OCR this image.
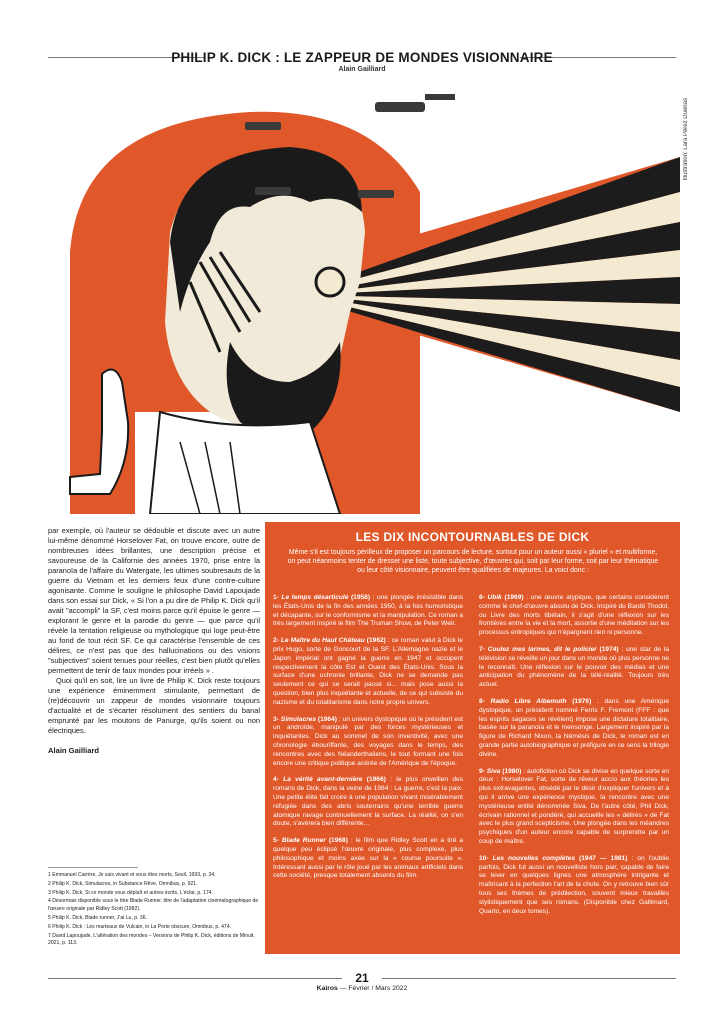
PHILIP K. DICK : LE ZAPPEUR DE MONDES VISIONNAIRE
Alain Gailliard
Illustration: Lara Pérez Dueñas

par exemple, où l'auteur se dédouble et discute avec un autre lui-même dénommé Horselover Fat, on trouve encore, outre de nombreuses idées brillantes, une description précise et savoureuse de la Californie des années 1970, prise entre la paranoïa de l'affaire du Watergate, les ultimes soubresauts de la guerre du Vietnam et les derniers feux d'une contre-culture agonisante. Comme le souligne le philosophe David Lapoujade dans son essai sur Dick, « Si l'on a pu dire de Philip K. Dick qu'il avait "accompli" la SF, c'est moins parce qu'il épuise le genre — explorant le genre et la parodie du genre — que parce qu'il révèle la tentation religieuse ou mythologique qui loge peut-être au fond de tout récit SF. Ce qui caractérise l'ensemble de ces délires, ce n'est pas que des hallucinations ou des visions "subjectives" soient tenues pour réelles, c'est bien plutôt qu'elles permettent de tenir de faux mondes pour irréels » .

Quoi qu'il en soit, lire un livre de Philip K. Dick reste toujours une expérience éminemment stimulante, permettant de (re)découvrir un zappeur de mondes visionnaire toujours d'actualité et de s'écarter résolument des sentiers du banal emprunté par les moutons de Panurge, qu'ils soient ou non électriques.

Alain Gailliard

LES DIX INCONTOURNABLES DE DICK
Même s'il est toujours périlleux de proposer un parcours de lecture, surtout pour un auteur aussi « pluriel » et multiforme, on peut néanmoins tenter de dresser une liste, toute subjective, d'œuvres qui, soit par leur forme, soit par leur thématique ou leur côté visionnaire, peuvent être qualifiées de majeures. La voici donc :
1- Le temps désarticulé (1958) : une plongée irrésistible dans les États-Unis de la fin des années 1950, à la fois humoristique et décapante, sur le conformisme et la manipulation. Ce roman a très largement inspiré le film The Truman Show, de Peter Weir.
2- Le Maître du Haut Château (1962) : ce roman valut à Dick le prix Hugo, sorte de Goncourt de la SF. L'Allemagne nazie et le Japon impérial ont gagné la guerre en 1947 et occupent respectivement la côte Est et Ouest des États-Unis. Sous la surface d'une uchronie brillante, Dick ne se demande pas seulement ce qui se serait passé si... mais pose aussi la question, bien plus inquiétante et actuelle, de ce qui subsiste du nazisme et du totalitarisme dans notre propre univers.
3- Simulacres (1964) : un univers dystopique où le président est un androïde, manipulé par des forces mystérieuses et inquiétantes. Dick au sommet de son inventivité, avec une chronologie ébouriffante, des voyages dans le temps, des rencontres avec des Néanderthaliens, le tout formant une fois encore une critique politique acérée de l'Amérique de l'époque.
4- La vérité avant-dernière (1966) : le plus orwellien des romans de Dick, dans la veine de 1984 : La guerre, c'est la paix. Une petite élite fait croire à une population vivant misérablement réfugiée dans des abris souterrains qu'une terrible guerre atomique ravage continuellement la surface. La réalité, on s'en doute, s'avérera bien différente...
5- Blade Runner (1968) : le film que Ridley Scott en a tiré a quelque peu éclipsé l'œuvre originale, plus complexe, plus philosophique et moins axée sur la « course poursuite ». Intéressant aussi par le rôle joué par les animaux artificiels dans cette société, presque totalement absents du film.
6- Ubik (1969) : une œuvre atypique, que certains considèrent comme le chef-d'œuvre absolu de Dick. Inspiré du Bardö Thodol, ou Livre des morts tibétain, il s'agit d'une réflexion sur les frontières entre la vie et la mort, assortie d'une méditation sur les processus entropiques qui n'épargnent rien ni personne.
7- Coulez mes larmes, dit le policier (1974) : une star de la télévision se réveille un jour dans un monde où plus personne ne le reconnaît. Une réflexion sur le pouvoir des médias et une anticipation du phénomène de la télé-réalité. Toujours très actuel.
8- Radio Libre Albemuth (1976) : dans une Amérique dystopique, un président nommé Ferris F. Fremont (FFF : que les esprits sagaces se révèlent) impose une dictature totalitaire, basée sur la paranoïa et le mensonge. Largement inspiré par la figure de Richard Nixon, la Némésis de Dick, le roman est en grande partie autobiographique et préfigure en ce sens la trilogie divine.
9- Siva (1980) : autofiction où Dick se divise en quelque sorte en deux : Horselover Fat, sorte de rêveur accro aux théories les plus extravagantes, obsédé par le désir d'expliquer l'univers et à qui il arrive une expérience mystique, la rencontre avec une mystérieuse entité dénommée Siva. De l'autre côté, Phil Dick, écrivain rationnel et pondéré, qui accueille les « délires » de Fat avec le plus grand scepticisme. Une plongée dans les méandres psychiques d'un auteur encore capable de surprendre par un coup de maître.
10- Les nouvelles complètes (1947 — 1981) : on l'oublie parfois, Dick fut aussi un nouvelliste hors pair, capable de faire se lever en quelques lignes une atmosphère intrigante et maîtrisant à la perfection l'art de la chute. On y retrouve bien sûr tous ses thèmes de prédilection, souvent mieux travaillés stylistiquement que ses romans. (Disponible chez Gallimard, Quarto, en deux tomes).
1 Emmanuel Carrère, Je suis vivant et vous êtes morts, Seuil, 1993, p. 34.
2 Philip K. Dick, Simulacres, in Substance Rêve, Omnibus, p. 921.
3 Philip K. Dick, Si ce monde vous déplaît et autres écrits, L'éclat, p. 174.
4 Désormais disponible sous le titre Blade Runner, titre de l'adaptation cinématographique de l'œuvre originale par Ridley Scott (1982).
5 Philip K. Dick, Blade runner, J'ai Lu, p. 36.
6 Philip K. Dick : Les marteaux de Vulcain, in La Porte obscure, Omnibus, p. 474.
7 David Lapoujade, L'altération des mondes – Versions de Philip K. Dick, éditions de Minuit, 2021, p. 113.
21
Kairos — Février / Mars 2022
